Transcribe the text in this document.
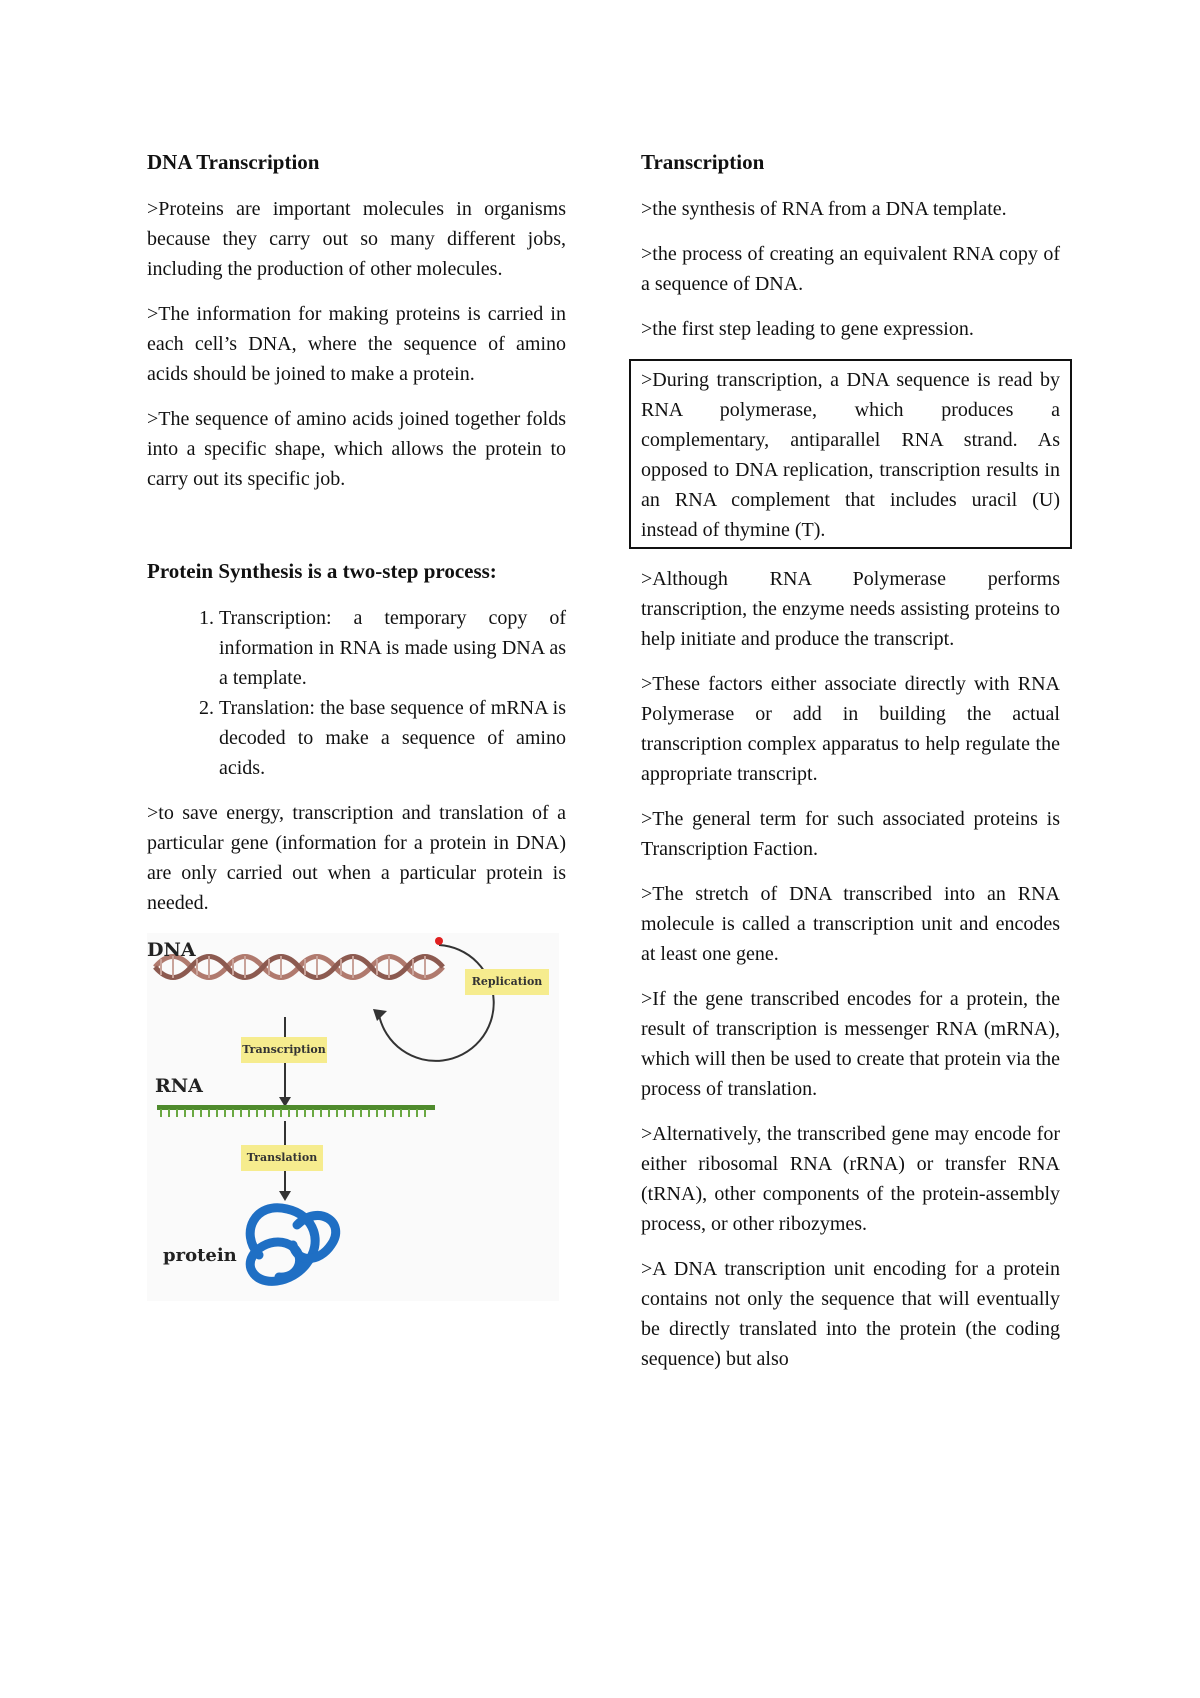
DNA Transcription

>Proteins are important molecules in organisms because they carry out so many different jobs, including the production of other molecules.

>The information for making proteins is carried in each cell’s DNA, where the sequence of amino acids should be joined to make a protein.

>The sequence of amino acids joined together folds into a specific shape, which allows the protein to carry out its specific job.

Protein Synthesis is a two-step process:
1. Transcription: a temporary copy of information in RNA is made using DNA as a template.
2. Translation: the base sequence of mRNA is decoded to make a sequence of amino acids.

>to save energy, transcription and translation of a particular gene (information for a protein in DNA) are only carried out when a particular protein is needed.

DNA
RNA
protein
Replication
Transcription
Translation
Transcription

>the synthesis of RNA from a DNA template.

>the process of creating an equivalent RNA copy of a sequence of DNA.

>the first step leading to gene expression.

>During transcription, a DNA sequence is read by RNA polymerase, which produces a complementary, antiparallel RNA strand. As opposed to DNA replication, transcription results in an RNA complement that includes uracil (U) instead of thymine (T).

>Although RNA Polymerase performs transcription, the enzyme needs assisting proteins to help initiate and produce the transcript.

>These factors either associate directly with RNA Polymerase or add in building the actual transcription complex apparatus to help regulate the appropriate transcript.

>The general term for such associated proteins is Transcription Faction.

>The stretch of DNA transcribed into an RNA molecule is called a transcription unit and encodes at least one gene.

>If the gene transcribed encodes for a protein, the result of transcription is messenger RNA (mRNA), which will then be used to create that protein via the process of translation.

>Alternatively, the transcribed gene may encode for either ribosomal RNA (rRNA) or transfer RNA (tRNA), other components of the protein-assembly process, or other ribozymes.

>A DNA transcription unit encoding for a protein contains not only the sequence that will eventually be directly translated into the protein (the coding sequence) but also
